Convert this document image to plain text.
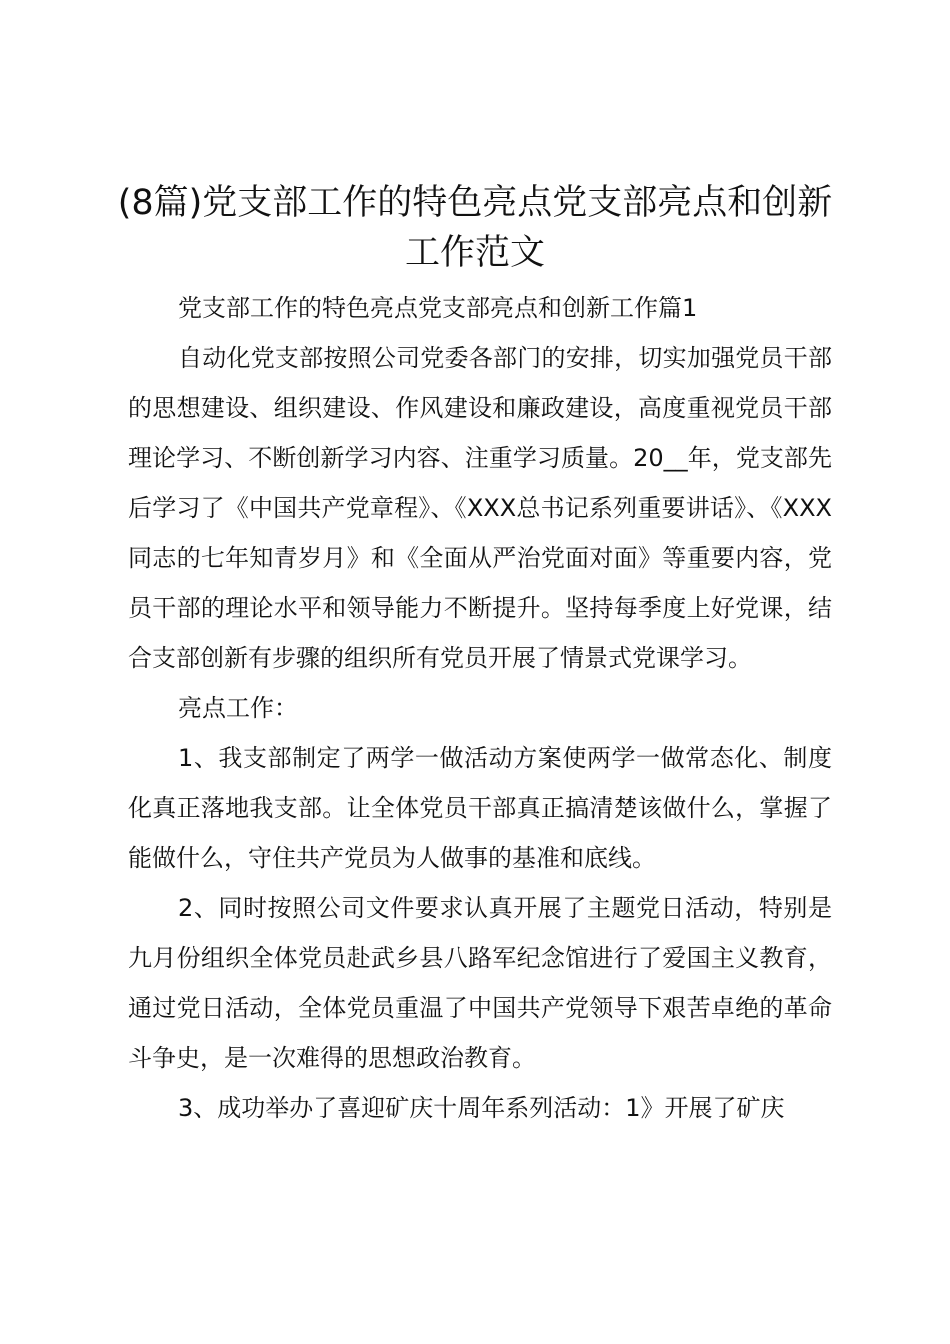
(8篇)党支部工作的特色亮点党支部亮点和创新工作范文

党支部工作的特色亮点党支部亮点和创新工作篇1

自动化党支部按照公司党委各部门的安排，切实加强党员干部的思想建设、组织建设、作风建设和廉政建设，高度重视党员干部理论学习、不断创新学习内容、注重学习质量。20__年，党支部先后学习了《中国共产党章程》、《XXX总书记系列重要讲话》、《XXX同志的七年知青岁月》和《全面从严治党面对面》等重要内容，党员干部的理论水平和领导能力不断提升。坚持每季度上好党课，结合支部创新有步骤的组织所有党员开展了情景式党课学习。

亮点工作：

1、我支部制定了两学一做活动方案使两学一做常态化、制度化真正落地我支部。让全体党员干部真正搞清楚该做什么，掌握了能做什么，守住共产党员为人做事的基准和底线。

2、同时按照公司文件要求认真开展了主题党日活动，特别是九月份组织全体党员赴武乡县八路军纪念馆进行了爱国主义教育，通过党日活动，全体党员重温了中国共产党领导下艰苦卓绝的革命斗争史，是一次难得的思想政治教育。

3、成功举办了喜迎矿庆十周年系列活动：1》开展了矿庆
